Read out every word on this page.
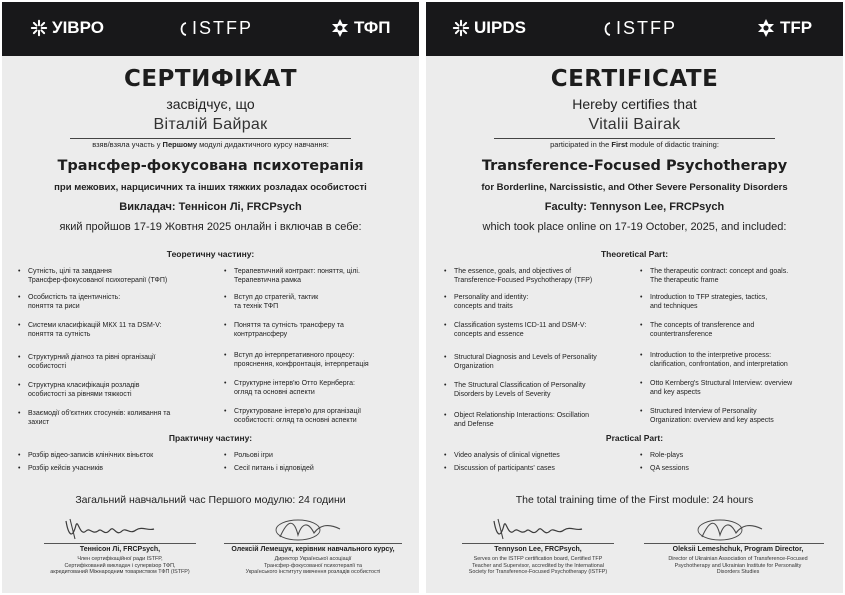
УІВРО	ISTFP	ТФП
СЕРТИФІКАТ
засвідчує, що
Віталій Байрак
взяв/взяла участь у Першому модулі дидактичного курсу навчання:
Трансфер-фокусована психотерапія
при межових, нарцисичних та інших тяжких розладах особистості
Викладач: Теннісон Лі, FRCPsych
який пройшов 17-19 Жовтня 2025 онлайн і включав в себе:
Теоретичну частину:
• Сутність, цілі та завдання
Трансфер-фокусованої психотерапії (ТФП)
• Особистість та ідентичність:
поняття та риси
• Системи класифікацій МКХ 11 та DSM-V:
поняття та сутність
• Структурний діагноз та рівні організації
особистості
• Структурна класифікація розладів
особистості за рівнями тяжкості
• Взаємодії об'єктних стосунків: коливання та
захист
• Терапевтичний контракт: поняття, цілі.
Терапевтична рамка
• Вступ до стратегій, тактик
та технік ТФП
• Поняття та сутність трансферу та
контртрансферу
• Вступ до інтерпретативного процесу:
прояснення, конфронтація, інтерпретація
• Структурне інтерв'ю Отто Кернберга:
огляд та основні аспекти
• Структуроване інтерв'ю для організації
особистості: огляд та основні аспекти
Практичну частину:
• Розбір відео-записів клінічних віньєток
• Розбір кейсів учасників
• Рольові ігри
• Сесії питань і відповідей
Загальний навчальний час Першого модулю: 24 години
Теннісон Лі, FRCPsych,	Олексій Лемещук, керівник навчального курсу,
Член сертифікаційної ради ISTFP,
Сертифікований викладач і супервізор ТФП,
акредитований Міжнародним товариством ТФП (ISTFP)
Директор Української асоціації
Трансфер-фокусованої психотерапії та
Українського інституту вивчення розладів особистості
UIPDS	ISTFP	TFP
CERTIFICATE
Hereby certifies that
Vitalii Bairak
participated in the First module of didactic training:
Transference-Focused Psychotherapy
for Borderline, Narcissistic, and Other Severe Personality Disorders
Faculty: Tennyson Lee, FRCPsych
which took place online on 17-19 October, 2025, and included:
Theoretical Part:
• The essence, goals, and objectives of
Transference-Focused Psychotherapy (TFP)
• Personality and identity:
concepts and traits
• Classification systems ICD-11 and DSM-V:
concepts and essence
• Structural Diagnosis and Levels of Personality
Organization
• The Structural Classification of Personality
Disorders by Levels of Severity
• Object Relationship Interactions: Oscillation
and Defense
• The therapeutic contract: concept and goals.
The therapeutic frame
• Introduction to TFP strategies, tactics,
and techniques
• The concepts of transference and
countertransference
• Introduction to the interpretive process:
clarification, confrontation, and interpretation
• Otto Kernberg's Structural Interview: overview
and key aspects
• Structured Interview of Personality
Organization: overview and key aspects
Practical Part:
• Video analysis of clinical vignettes
• Discussion of participants' cases
• Role-plays
• QA sessions
The total training time of the First module: 24 hours
Tennyson Lee, FRCPsych,	Oleksii Lemeshchuk, Program Director,
Serves on the ISTFP certification board, Certified TFP
Teacher and Supervisor, accredited by the International
Society for Transference-Focused Psychotherapy (ISTFP)
Director of Ukrainian Association of Transference-Focused
Psychotherapy and Ukrainian Institute for Personality
Disorders Studies
